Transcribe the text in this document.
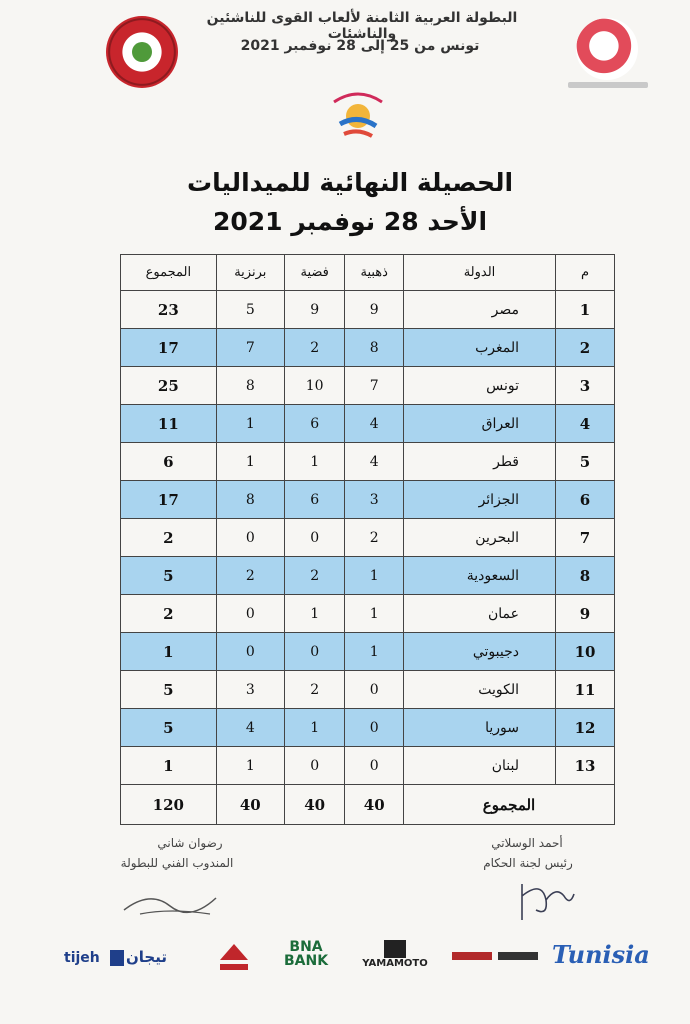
البطولة العربية الثامنة لألعاب القوى للناشئين والناشئات
تونس من 25 إلى 28 نوفمبر 2021
الحصيلة النهائية للميداليات
الأحد 28 نوفمبر 2021
م	الدولة	ذهبية	فضية	برنزية	المجموع
1	مصر	9	9	5	23
2	المغرب	8	2	7	17
3	تونس	7	10	8	25
4	العراق	4	6	1	11
5	قطر	4	1	1	6
6	الجزائر	3	6	8	17
7	البحرين	2	0	0	2
8	السعودية	1	2	2	5
9	عمان	1	1	0	2
10	دجيبوتي	1	0	0	1
11	الكويت	0	2	3	5
12	سوريا	0	1	4	5
13	لبنان	0	0	1	1
المجموع		40	40	40	120
رضوان شاني
المندوب الفني للبطولة
أحمد الوسلاتي
رئيس لجنة الحكام
tijeh تيجان
BNA
BANK	YAMAMOTO	Tunisia
